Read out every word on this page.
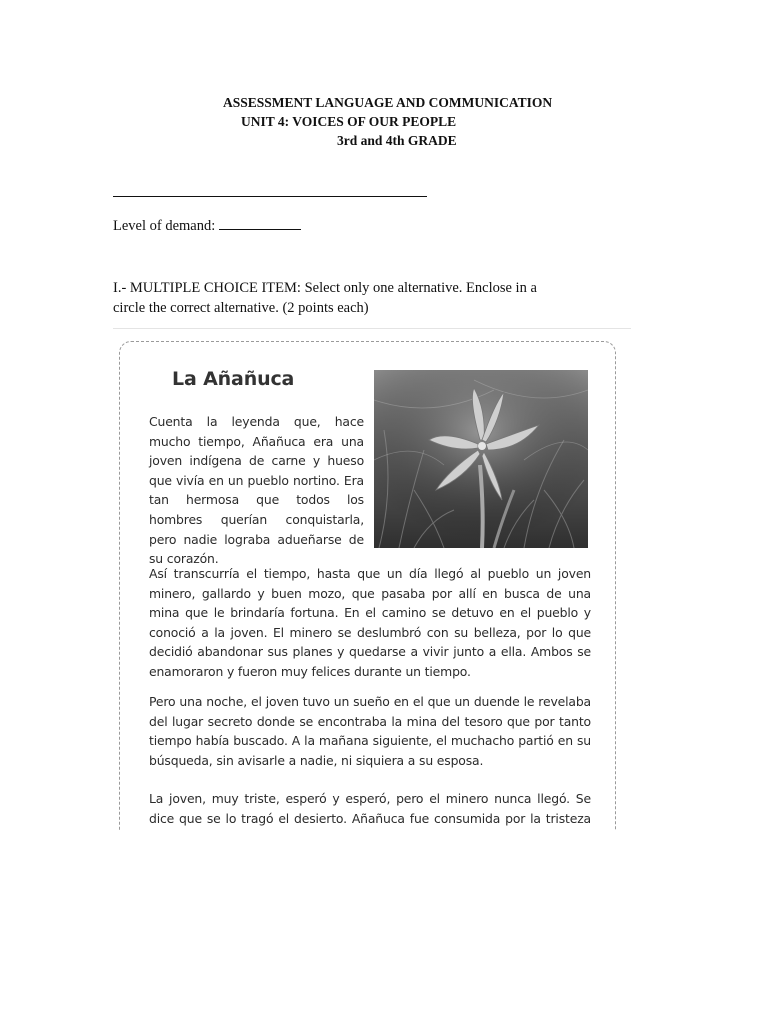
ASSESSMENT LANGUAGE AND COMMUNICATION
UNIT 4: VOICES OF OUR PEOPLE
3rd and 4th GRADE
Level of demand:
I.- MULTIPLE CHOICE ITEM: Select only one alternative. Enclose in a circle the correct alternative. (2 points each)
La Añañuca
Cuenta la leyenda que, hace mucho tiempo, Añañuca era una joven indígena de carne y hueso que vivía en un pueblo nortino. Era tan hermosa que todos los hombres querían conquistarla, pero nadie lograba adueñarse de su corazón.
Así transcurría el tiempo, hasta que un día llegó al pueblo un joven minero, gallardo y buen mozo, que pasaba por allí en busca de una mina que le brindaría fortuna. En el camino se detuvo en el pueblo y conoció a la joven. El minero se deslumbró con su belleza, por lo que decidió abandonar sus planes y quedarse a vivir junto a ella. Ambos se enamoraron y fueron muy felices durante un tiempo.
Pero una noche, el joven tuvo un sueño en el que un duende le revelaba del lugar secreto donde se encontraba la mina del tesoro que por tanto tiempo había buscado. A la mañana siguiente, el muchacho partió en su búsqueda, sin avisarle a nadie, ni siquiera a su esposa.
La joven, muy triste, esperó y esperó, pero el minero nunca llegó. Se dice que se lo tragó el desierto. Añañuca fue consumida por la tristeza
